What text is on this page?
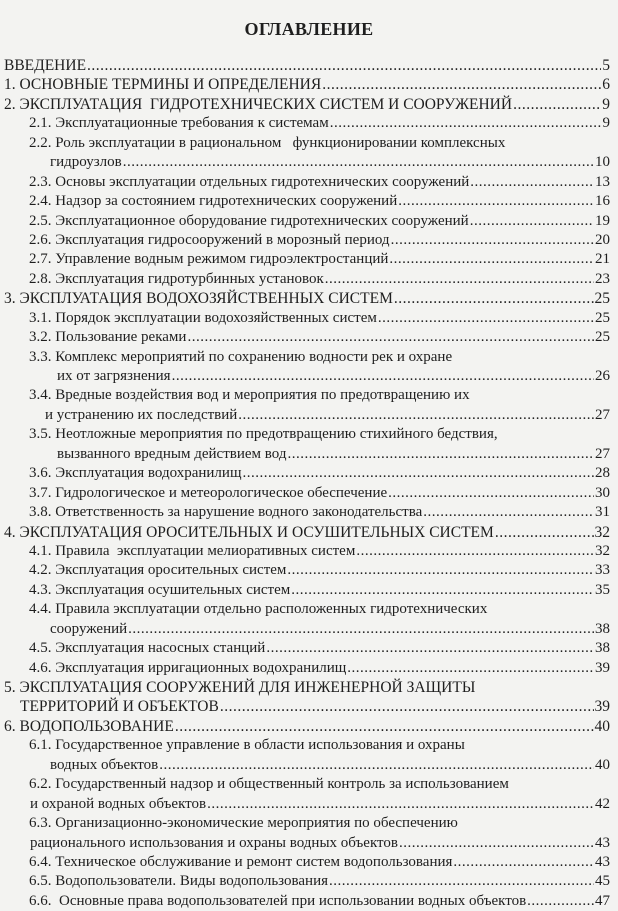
ОГЛАВЛЕНИЕ
ВВЕДЕНИЕ .....	5
1. ОСНОВНЫЕ ТЕРМИНЫ И ОПРЕДЕЛЕНИЯ .....	6
2. ЭКСПЛУАТАЦИЯ  ГИДРОТЕХНИЧЕСКИХ СИСТЕМ И СООРУЖЕНИЙ .....	9
2.1. Эксплуатационные требования к системам .....	9
2.2. Роль эксплуатации в рациональном   функционировании комплексных
гидроузлов .....	10
2.3. Основы эксплуатации отдельных гидротехнических сооружений .....	13
2.4. Надзор за состоянием гидротехнических сооружений .....	16
2.5. Эксплуатационное оборудование гидротехнических сооружений .....	19
2.6. Эксплуатация гидросооружений в морозный период .....	20
2.7. Управление водным режимом гидроэлектростанций .....	21
2.8. Эксплуатация гидротурбинных установок .....	23
3. ЭКСПЛУАТАЦИЯ ВОДОХОЗЯЙСТВЕННЫХ СИСТЕМ .....	25
3.1. Порядок эксплуатации водохозяйственных систем .....	25
3.2. Пользование реками .....	25
3.3. Комплекс мероприятий по сохранению водности рек и охране
их от загрязнения .....	26
3.4. Вредные воздействия вод и мероприятия по предотвращению их
и устранению их последствий .....	27
3.5. Неотложные мероприятия по предотвращению стихийного бедствия,
вызванного вредным действием вод .....	27
3.6. Эксплуатация водохранилищ .....	28
3.7. Гидрологическое и метеорологическое обеспечение .....	30
3.8. Ответственность за нарушение водного законодательства .....	31
4. ЭКСПЛУАТАЦИЯ ОРОСИТЕЛЬНЫХ И ОСУШИТЕЛЬНЫХ СИСТЕМ .....	32
4.1. Правила  эксплуатации мелиоративных систем .....	32
4.2. Эксплуатация оросительных систем .....	33
4.3. Эксплуатация осушительных систем .....	35
4.4. Правила эксплуатации отдельно расположенных гидротехнических
сооружений .....	38
4.5. Эксплуатация насосных станций .....	38
4.6. Эксплуатация ирригационных водохранилищ .....	39
5. ЭКСПЛУАТАЦИЯ СООРУЖЕНИЙ ДЛЯ ИНЖЕНЕРНОЙ ЗАЩИТЫ
ТЕРРИТОРИЙ И ОБЪЕКТОВ .....	39
6. ВОДОПОЛЬЗОВАНИЕ .....	40
6.1. Государственное управление в области использования и охраны
водных объектов .....	40
6.2. Государственный надзор и общественный контроль за использованием
и охраной водных объектов .....	42
6.3. Организационно-экономические мероприятия по обеспечению
рационального использования и охраны водных объектов .....	43
6.4. Техническое обслуживание и ремонт систем водопользования .....	43
6.5. Водопользователи. Виды водопользования .....	45
6.6.  Основные права водопользователей при использовании водных объектов .....	47
